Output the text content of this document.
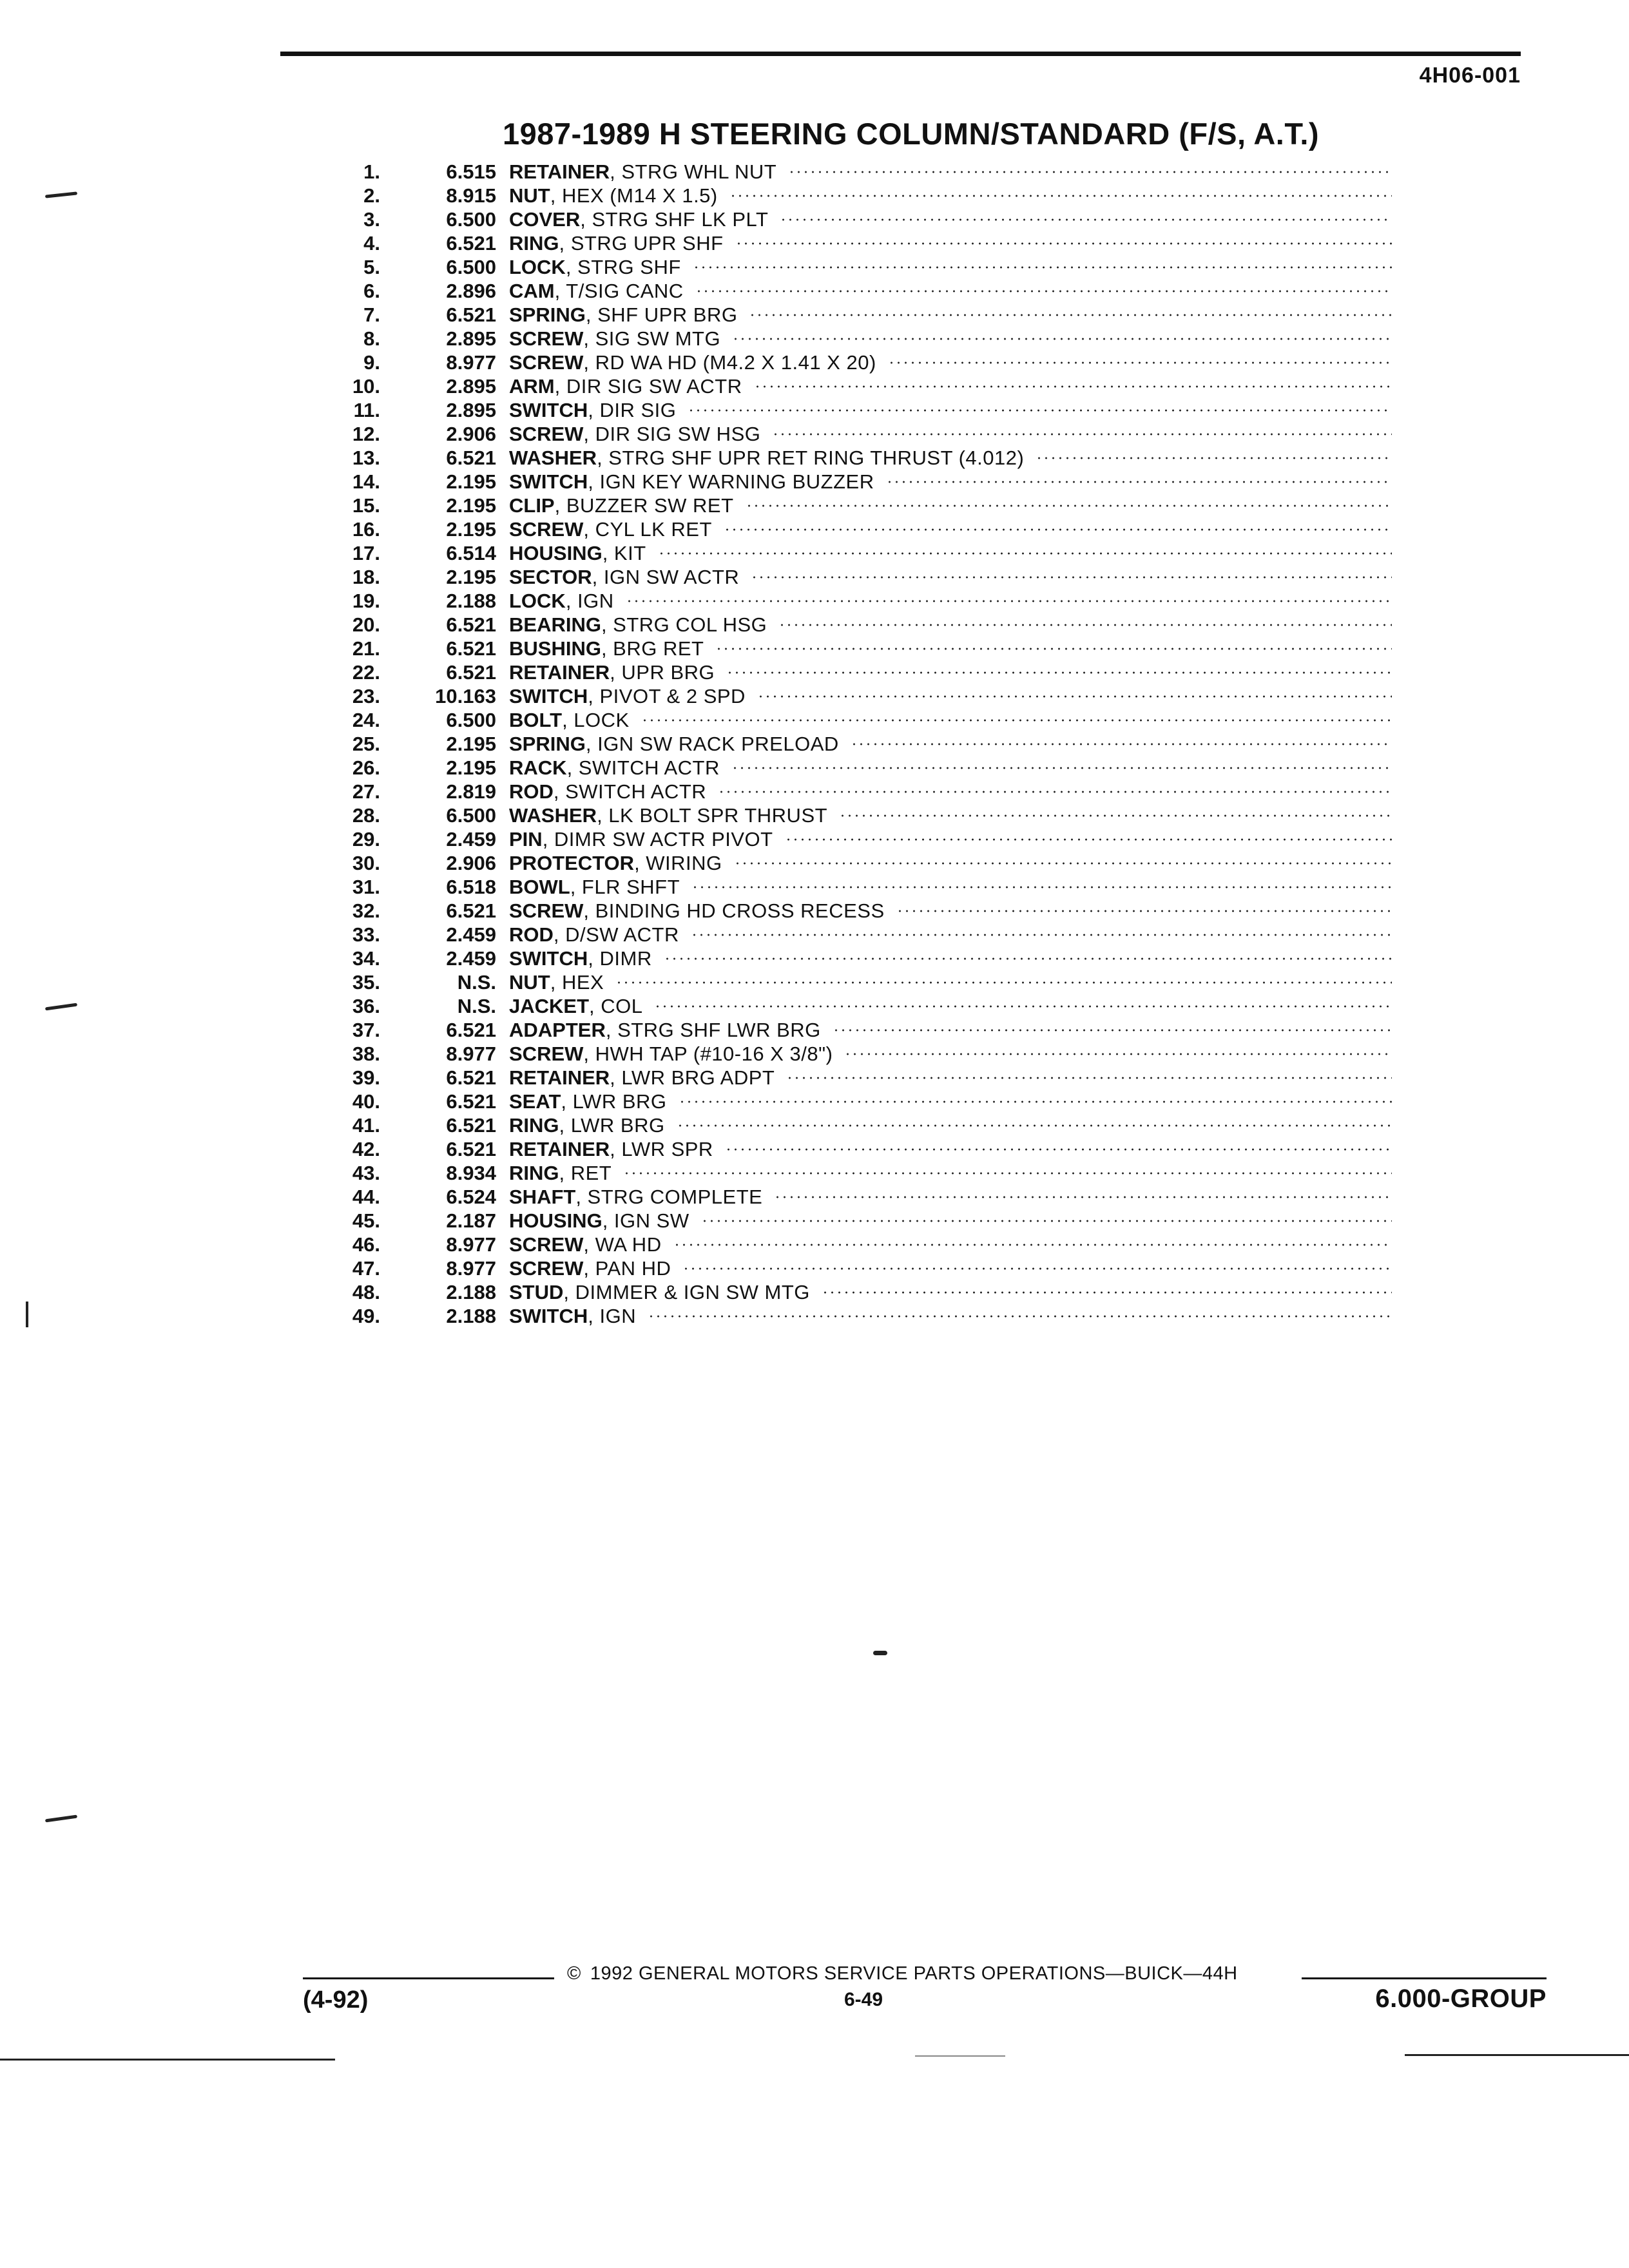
4H06-001
1987-1989 H STEERING COLUMN/STANDARD (F/S, A.T.)
1.	6.515 RETAINER , STRG WHL NUT
2.	8.915 NUT , HEX (M14 X 1.5)
3.	6.500 COVER , STRG SHF LK PLT
4.	6.521 RING , STRG UPR SHF
5.	6.500 LOCK , STRG SHF
6.	2.896 CAM , T/SIG CANC
7.	6.521 SPRING , SHF UPR BRG
8.	2.895 SCREW , SIG SW MTG
9.	8.977 SCREW , RD WA HD (M4.2 X 1.41 X 20)
10.	2.895 ARM , DIR SIG SW ACTR
11.	2.895 SWITCH , DIR SIG
12.	2.906 SCREW , DIR SIG SW HSG
13.	6.521 WASHER , STRG SHF UPR RET RING THRUST (4.012)
14.	2.195 SWITCH , IGN KEY WARNING BUZZER
15.	2.195 CLIP , BUZZER SW RET
16.	2.195 SCREW , CYL LK RET
17.	6.514 HOUSING , KIT
18.	2.195 SECTOR , IGN SW ACTR
19.	2.188 LOCK , IGN
20.	6.521 BEARING , STRG COL HSG
21.	6.521 BUSHING , BRG RET
22.	6.521 RETAINER , UPR BRG
23.	10.163 SWITCH , PIVOT & 2 SPD
24.	6.500 BOLT , LOCK
25.	2.195 SPRING , IGN SW RACK PRELOAD
26.	2.195 RACK , SWITCH ACTR
27.	2.819 ROD , SWITCH ACTR
28.	6.500 WASHER , LK BOLT SPR THRUST
29.	2.459 PIN , DIMR SW ACTR PIVOT
30.	2.906 PROTECTOR , WIRING
31.	6.518 BOWL , FLR SHFT
32.	6.521 SCREW , BINDING HD CROSS RECESS
33.	2.459 ROD , D/SW ACTR
34.	2.459 SWITCH , DIMR
35.	N.S. NUT , HEX
36.	N.S. JACKET , COL
37.	6.521 ADAPTER , STRG SHF LWR BRG
38.	8.977 SCREW , HWH TAP (#10-16 X 3/8")
39.	6.521 RETAINER , LWR BRG ADPT
40.	6.521 SEAT , LWR BRG
41.	6.521 RING , LWR BRG
42.	6.521 RETAINER , LWR SPR
43.	8.934 RING , RET
44.	6.524 SHAFT , STRG COMPLETE
45.	2.187 HOUSING , IGN SW
46.	8.977 SCREW , WA HD
47.	8.977 SCREW , PAN HD
48.	2.188 STUD , DIMMER & IGN SW MTG
49.	2.188 SWITCH , IGN
© 1992 GENERAL MOTORS SERVICE PARTS OPERATIONS—BUICK—44H
(4-92)	6-49	6.000-GROUP
